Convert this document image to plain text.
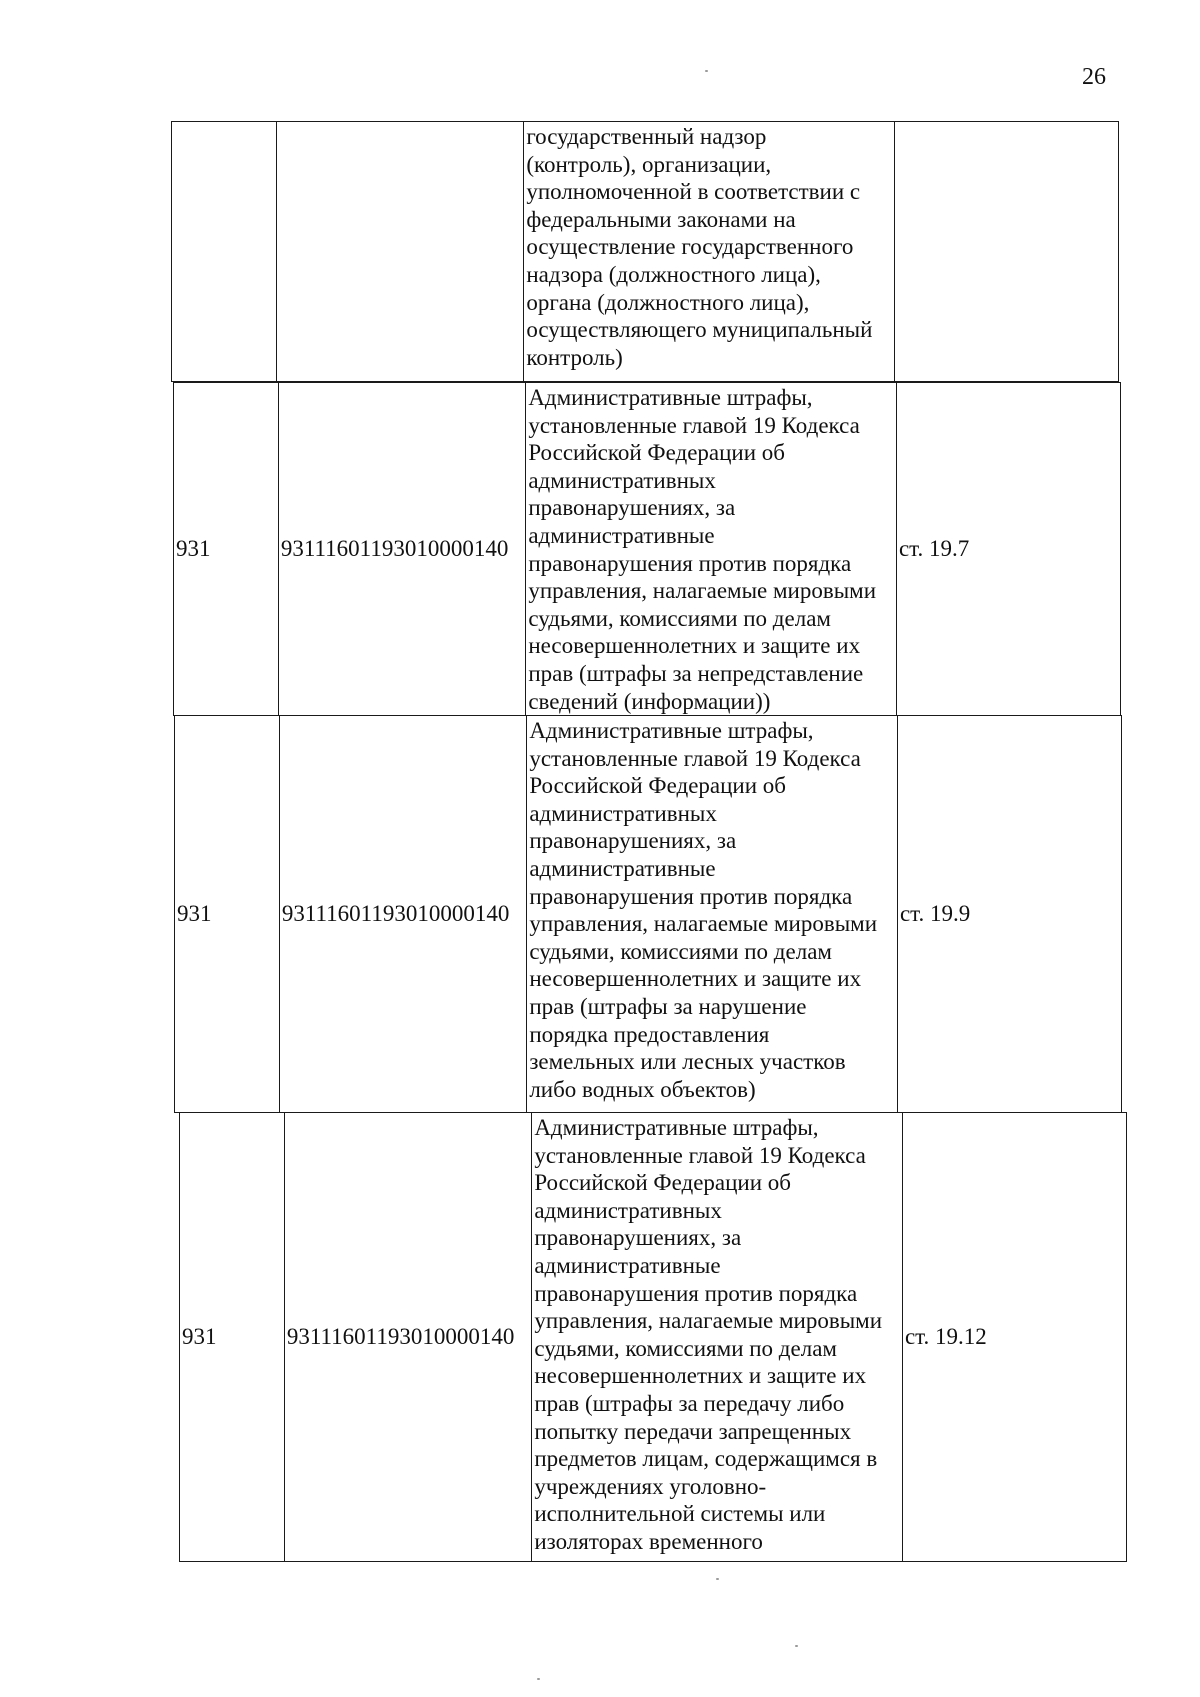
26
		государственный надзор
(контроль), организации,
уполномоченной в соответствии с
федеральными законами на
осуществление государственного
надзора (должностного лица),
органа (должностного лица),
осуществляющего муниципальный
контроль)	
931	93111601193010000140	Административные штрафы,
установленные главой 19 Кодекса
Российской Федерации об
административных
правонарушениях, за
административные
правонарушения против порядка
управления, налагаемые мировыми
судьями, комиссиями по делам
несовершеннолетних и защите их
прав (штрафы за непредставление
сведений (информации))	ст. 19.7
931	93111601193010000140	Административные штрафы,
установленные главой 19 Кодекса
Российской Федерации об
административных
правонарушениях, за
административные
правонарушения против порядка
управления, налагаемые мировыми
судьями, комиссиями по делам
несовершеннолетних и защите их
прав (штрафы за нарушение
порядка предоставления
земельных или лесных участков
либо водных объектов)	ст. 19.9
931	93111601193010000140	Административные штрафы,
установленные главой 19 Кодекса
Российской Федерации об
административных
правонарушениях, за
административные
правонарушения против порядка
управления, налагаемые мировыми
судьями, комиссиями по делам
несовершеннолетних и защите их
прав (штрафы за передачу либо
попытку передачи запрещенных
предметов лицам, содержащимся в
учреждениях уголовно-
исполнительной системы или
изоляторах временного	ст. 19.12
